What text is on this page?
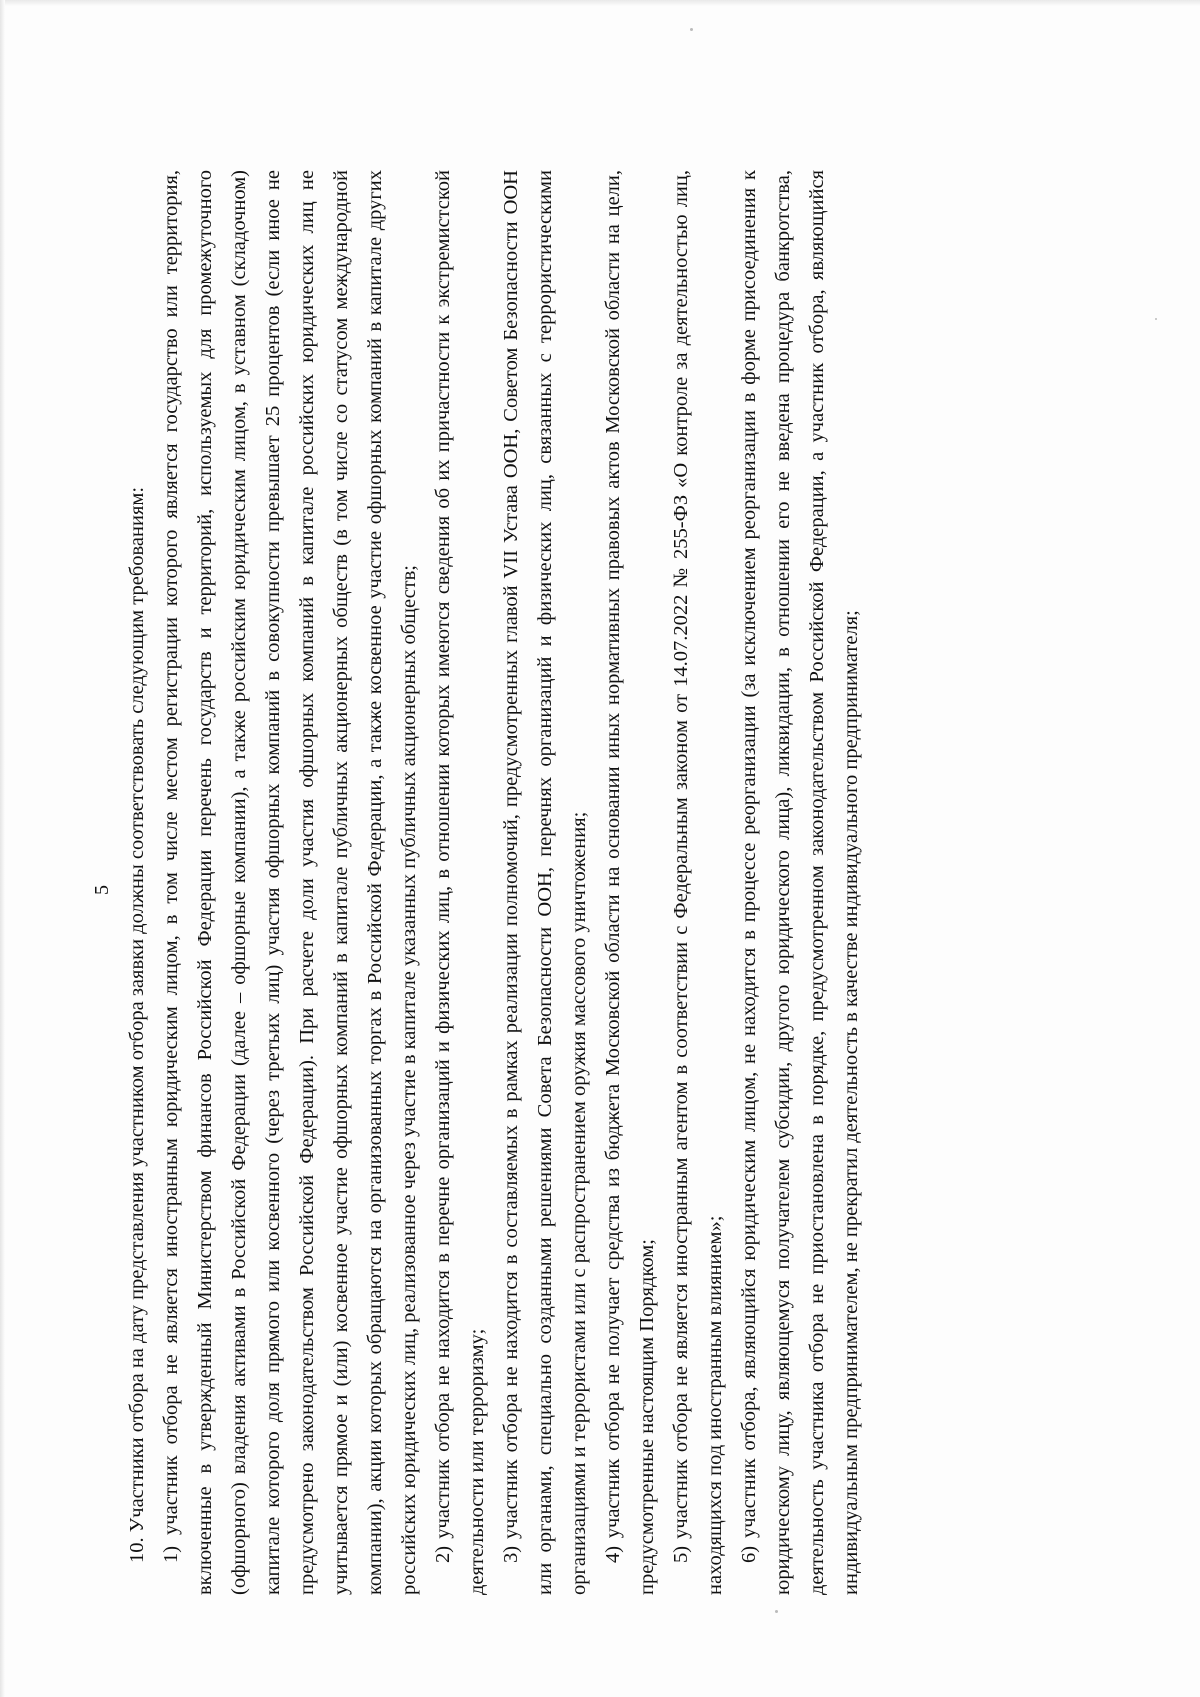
5 10. Участники отбора на дату представления участником отбора заявки должны соответствовать следующим требованиям: 1) участник отбора не является иностранным юридическим лицом, в том числе местом регистрации которого является государство или территория, включенные в утвержденный Министерством финансов Российской Федерации перечень государств и территорий, используемых для промежуточного (офшорного) владения активами в Российской Федерации (далее – офшорные компании), а также российским юридическим лицом, в уставном (складочном) капитале которого доля прямого или косвенного (через третьих лиц) участия офшорных компаний в совокупности превышает 25 процентов (если иное не предусмотрено законодательством Российской Федерации). При расчете доли участия офшорных компаний в капитале российских юридических лиц не учитывается прямое и (или) косвенное участие офшорных компаний в капитале публичных акционерных обществ (в том числе со статусом международной компании), акции которых обращаются на организованных торгах в Российской Федерации, а также косвенное участие офшорных компаний в капитале других российских юридических лиц, реализованное через участие в капитале указанных публичных акционерных обществ; 2) участник отбора не находится в перечне организаций и физических лиц, в отношении которых имеются сведения об их причастности к экстремистской деятельности или терроризму; 3) участник отбора не находится в составляемых в рамках реализации полномочий, предусмотренных главой VII Устава ООН, Советом Безопасности ООН или органами, специально созданными решениями Совета Безопасности ООН, перечнях организаций и физических лиц, связанных с террористическими организациями и террористами или с распространением оружия массового уничтожения; 4) участник отбора не получает средства из бюджета Московской области на основании иных нормативных правовых актов Московской области на цели, предусмотренные настоящим Порядком; 5) участник отбора не является иностранным агентом в соответствии с Федеральным законом от 14.07.2022 № 255-ФЗ «О контроле за деятельностью лиц, находящихся под иностранным влиянием»; 6) участник отбора, являющийся юридическим лицом, не находится в процессе реорганизации (за исключением реорганизации в форме присоединения к юридическому лицу, являющемуся получателем субсидии, другого юридического лица), ликвидации, в отношении его не введена процедура банкротства, деятельность участника отбора не приостановлена в порядке, предусмотренном законодательством Российской Федерации, а участник отбора, являющийся индивидуальным предпринимателем, не прекратил деятельность в качестве индивидуального предпринимателя;
